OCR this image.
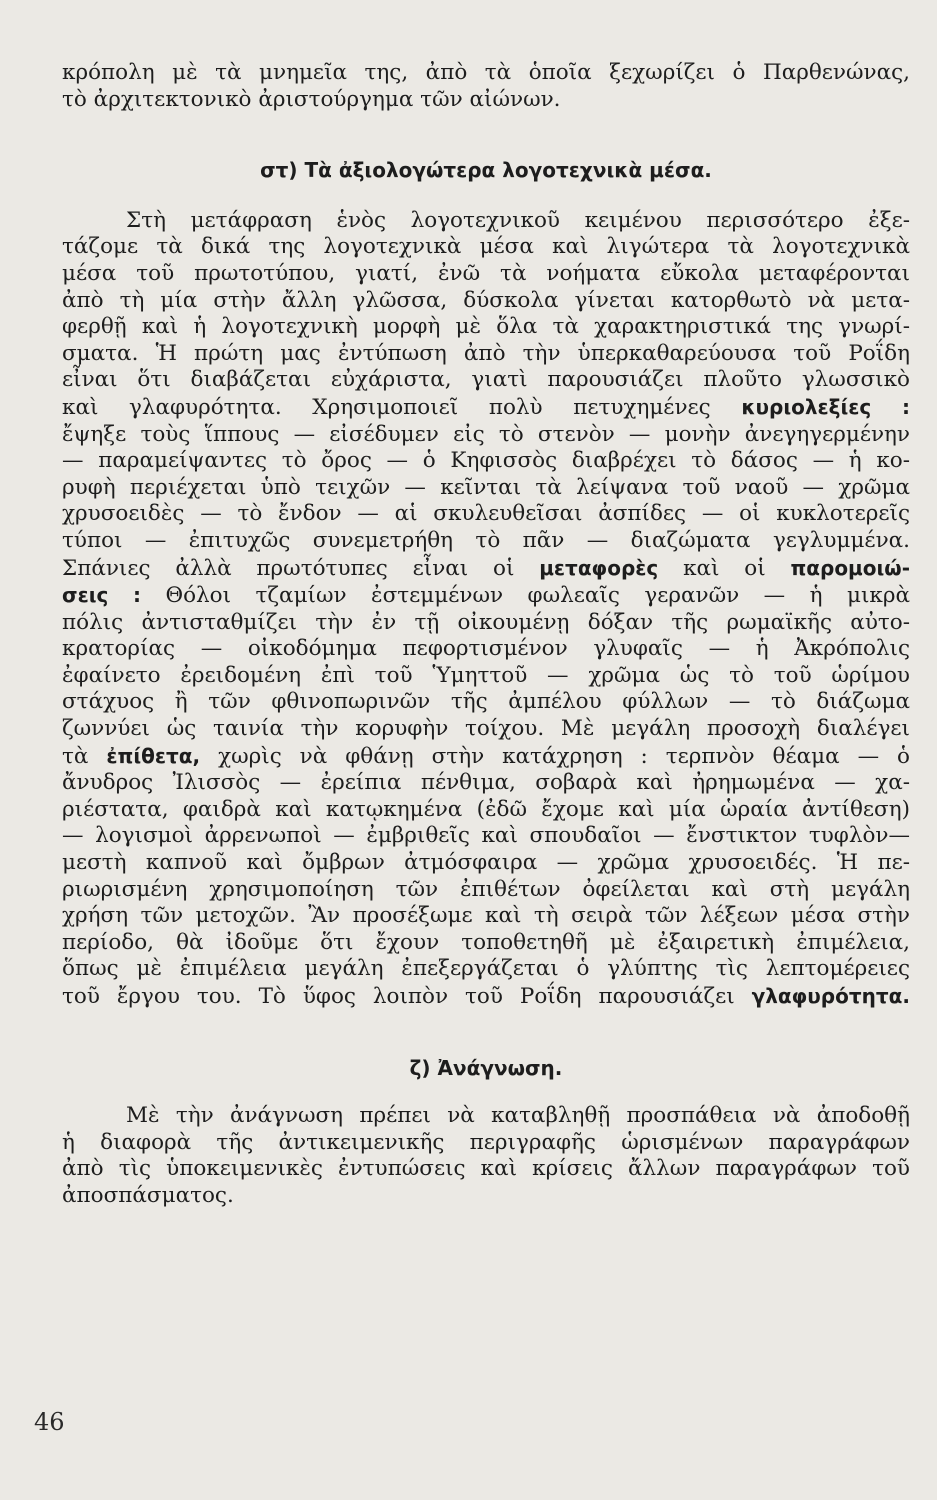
κρόπολη μὲ τὰ μνημεῖα της, ἀπὸ τὰ ὁποῖα ξεχωρίζει ὁ Παρθενώνας,
τὸ ἀρχιτεκτονικὸ ἀριστούργημα τῶν αἰώνων.
στ) Τὰ ἀξιολογώτερα λογοτεχνικὰ μέσα.
Στὴ μετάφραση ἑνὸς λογοτεχνικοῦ κειμένου περισσότερο ἐξε-
τάζομε τὰ δικά της λογοτεχνικὰ μέσα καὶ λιγώτερα τὰ λογοτεχνικὰ
μέσα τοῦ πρωτοτύπου, γιατί, ἐνῶ τὰ νοήματα εὔκολα μεταφέρονται
ἀπὸ τὴ μία στὴν ἄλλη γλῶσσα, δύσκολα γίνεται κατορθωτὸ νὰ μετα-
φερθῇ καὶ ἡ λογοτεχνικὴ μορφὴ μὲ ὅλα τὰ χαρακτηριστικά της γνωρί-
σματα. Ἡ πρώτη μας ἐντύπωση ἀπὸ τὴν ὑπερκαθαρεύουσα τοῦ Ροΐδη
εἶναι ὅτι διαβάζεται εὐχάριστα, γιατὶ παρουσιάζει πλοῦτο γλωσσικὸ
καὶ γλαφυρότητα. Χρησιμοποιεῖ πολὺ πετυχημένες κυριολεξίες :
ἔψηξε τοὺς ἵππους — εἰσέδυμεν εἰς τὸ στενὸν — μονὴν ἀνεγηγερμένην
— παραμείψαντες τὸ ὄρος — ὁ Κηφισσὸς διαβρέχει τὸ δάσος — ἡ κο-
ρυφὴ περιέχεται ὑπὸ τειχῶν — κεῖνται τὰ λείψανα τοῦ ναοῦ — χρῶμα
χρυσοειδὲς — τὸ ἔνδον — αἱ σκυλευθεῖσαι ἀσπίδες — οἱ κυκλοτερεῖς
τύποι — ἐπιτυχῶς συνεμετρήθη τὸ πᾶν — διαζώματα γεγλυμμένα.
Σπάνιες ἀλλὰ πρωτότυπες εἶναι οἱ μεταφορὲς καὶ οἱ παρομοιώ-
σεις : Θόλοι τζαμίων ἐστεμμένων φωλεαῖς γερανῶν — ἡ μικρὰ
πόλις ἀντισταθμίζει τὴν ἐν τῇ οἰκουμένῃ δόξαν τῆς ρωμαϊκῆς αὐτο-
κρατορίας — οἰκοδόμημα πεφορτισμένον γλυφαῖς — ἡ Ἀκρόπολις
ἐφαίνετο ἐρειδομένη ἐπὶ τοῦ Ὑμηττοῦ — χρῶμα ὡς τὸ τοῦ ὡρίμου
στάχυος ἢ τῶν φθινοπωρινῶν τῆς ἀμπέλου φύλλων — τὸ διάζωμα
ζωννύει ὡς ταινία τὴν κορυφὴν τοίχου. Μὲ μεγάλη προσοχὴ διαλέγει
τὰ ἐπίθετα, χωρὶς νὰ φθάνῃ στὴν κατάχρηση : τερπνὸν θέαμα — ὁ
ἄνυδρος Ἰλισσὸς — ἐρείπια πένθιμα, σοβαρὰ καὶ ἠρημωμένα — χα-
ριέστατα, φαιδρὰ καὶ κατῳκημένα (ἐδῶ ἔχομε καὶ μία ὡραία ἀντίθεση)
— λογισμοὶ ἀρρενωποὶ — ἐμβριθεῖς καὶ σπουδαῖοι — ἔνστικτον τυφλὸν—
μεστὴ καπνοῦ καὶ ὄμβρων ἀτμόσφαιρα — χρῶμα χρυσοειδές. Ἡ πε-
ριωρισμένη χρησιμοποίηση τῶν ἐπιθέτων ὀφείλεται καὶ στὴ μεγάλη
χρήση τῶν μετοχῶν. Ἂν προσέξωμε καὶ τὴ σειρὰ τῶν λέξεων μέσα στὴν
περίοδο, θὰ ἰδοῦμε ὅτι ἔχουν τοποθετηθῆ μὲ ἐξαιρετικὴ ἐπιμέλεια,
ὅπως μὲ ἐπιμέλεια μεγάλη ἐπεξεργάζεται ὁ γλύπτης τὶς λεπτομέρειες
τοῦ ἔργου του. Τὸ ὕφος λοιπὸν τοῦ Ροΐδη παρουσιάζει γλαφυρότητα.
ζ) Ἀνάγνωση.
Μὲ τὴν ἀνάγνωση πρέπει νὰ καταβληθῇ προσπάθεια νὰ ἀποδοθῇ
ἡ διαφορὰ τῆς ἀντικειμενικῆς περιγραφῆς ὡρισμένων παραγράφων
ἀπὸ τὶς ὑποκειμενικὲς ἐντυπώσεις καὶ κρίσεις ἄλλων παραγράφων τοῦ
ἀποσπάσματος.
46
